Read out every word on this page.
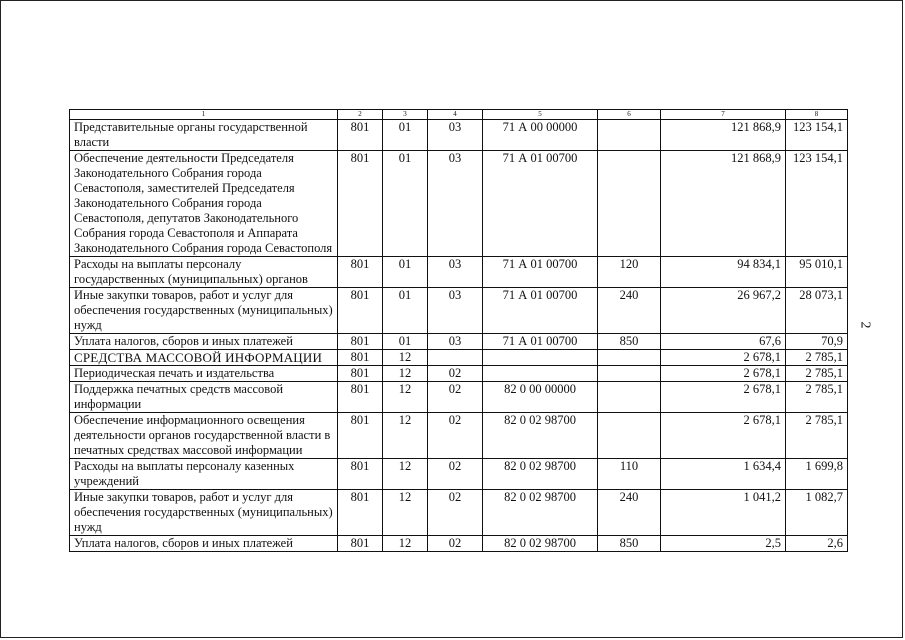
1	2	3	4	5	6	7	8
Представительные органы государственной власти	801	01	03	71 А 00 00000		121 868,9	123 154,1
Обеспечение деятельности Председателя Законодательного Собрания города Севастополя, заместителей Председателя Законодательного Собрания города Севастополя, депутатов Законодательного Собрания города Севастополя и Аппарата Законодательного Собрания города Севастополя	801	01	03	71 А 01 00700		121 868,9	123 154,1
Расходы на выплаты персоналу государственных (муниципальных) органов	801	01	03	71 А 01 00700	120	94 834,1	95 010,1
Иные закупки товаров, работ и услуг для обеспечения государственных (муниципальных) нужд	801	01	03	71 А 01 00700	240	26 967,2	28 073,1
Уплата налогов, сборов и иных платежей	801	01	03	71 А 01 00700	850	67,6	70,9
СРЕДСТВА МАССОВОЙ ИНФОРМАЦИИ	801	12				2 678,1	2 785,1
Периодическая печать и издательства	801	12	02			2 678,1	2 785,1
Поддержка печатных средств массовой информации	801	12	02	82 0 00 00000		2 678,1	2 785,1
Обеспечение информационного освещения деятельности органов государственной власти в печатных средствах массовой информации	801	12	02	82 0 02 98700		2 678,1	2 785,1
Расходы на выплаты персоналу казенных учреждений	801	12	02	82 0 02 98700	110	1 634,4	1 699,8
Иные закупки товаров, работ и услуг для обеспечения государственных (муниципальных) нужд	801	12	02	82 0 02 98700	240	1 041,2	1 082,7
Уплата налогов, сборов и иных платежей	801	12	02	82 0 02 98700	850	2,5	2,6
2
